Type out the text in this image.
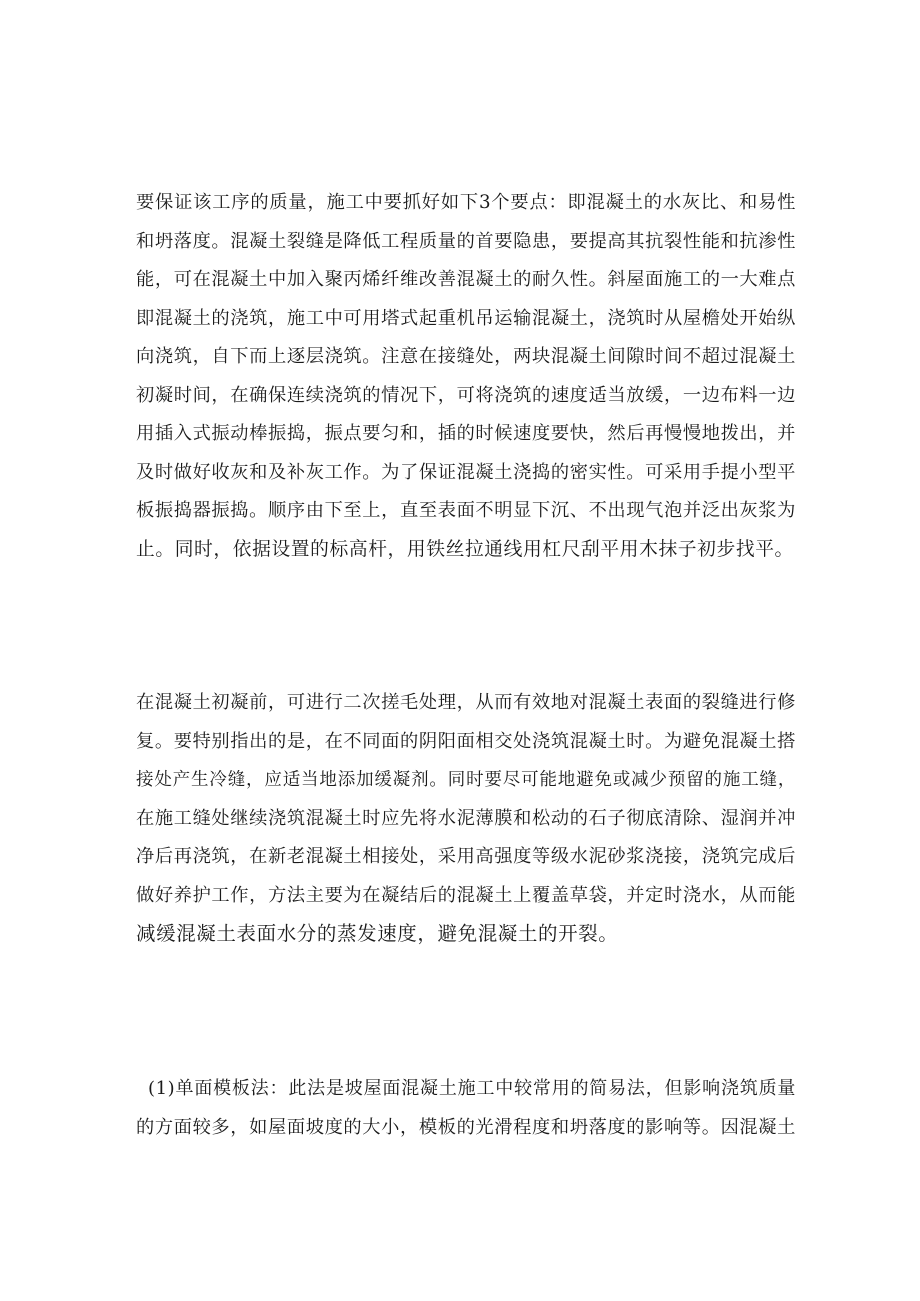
要保证该工序的质量，施工中要抓好如下3个要点：即混凝土的水灰比、和易性
和坍落度。混凝土裂缝是降低工程质量的首要隐患，要提高其抗裂性能和抗渗性
能，可在混凝土中加入聚丙烯纤维改善混凝土的耐久性。斜屋面施工的一大难点
即混凝土的浇筑，施工中可用塔式起重机吊运输混凝土，浇筑时从屋檐处开始纵
向浇筑，自下而上逐层浇筑。注意在接缝处，两块混凝土间隙时间不超过混凝土
初凝时间，在确保连续浇筑的情况下，可将浇筑的速度适当放缓，一边布料一边
用插入式振动棒振捣，振点要匀和，插的时候速度要快，然后再慢慢地拨出，并
及时做好收灰和及补灰工作。为了保证混凝土浇捣的密实性。可采用手提小型平
板振捣器振捣。顺序由下至上，直至表面不明显下沉、不出现气泡并泛出灰浆为
止。同时，依据设置的标高杆，用铁丝拉通线用杠尺刮平用木抹子初步找平。

在混凝土初凝前，可进行二次搓毛处理，从而有效地对混凝土表面的裂缝进行修
复。要特别指出的是，在不同面的阴阳面相交处浇筑混凝土时。为避免混凝土搭
接处产生冷缝，应适当地添加缓凝剂。同时要尽可能地避免或减少预留的施工缝，
在施工缝处继续浇筑混凝土时应先将水泥薄膜和松动的石子彻底清除、湿润并冲
净后再浇筑，在新老混凝土相接处，采用高强度等级水泥砂浆浇接，浇筑完成后
做好养护工作，方法主要为在凝结后的混凝土上覆盖草袋，并定时浇水，从而能
减缓混凝土表面水分的蒸发速度，避免混凝土的开裂。

(1)单面模板法：此法是坡屋面混凝土施工中较常用的简易法，但影响浇筑质量
的方面较多，如屋面坡度的大小，模板的光滑程度和坍落度的影响等。因混凝土
